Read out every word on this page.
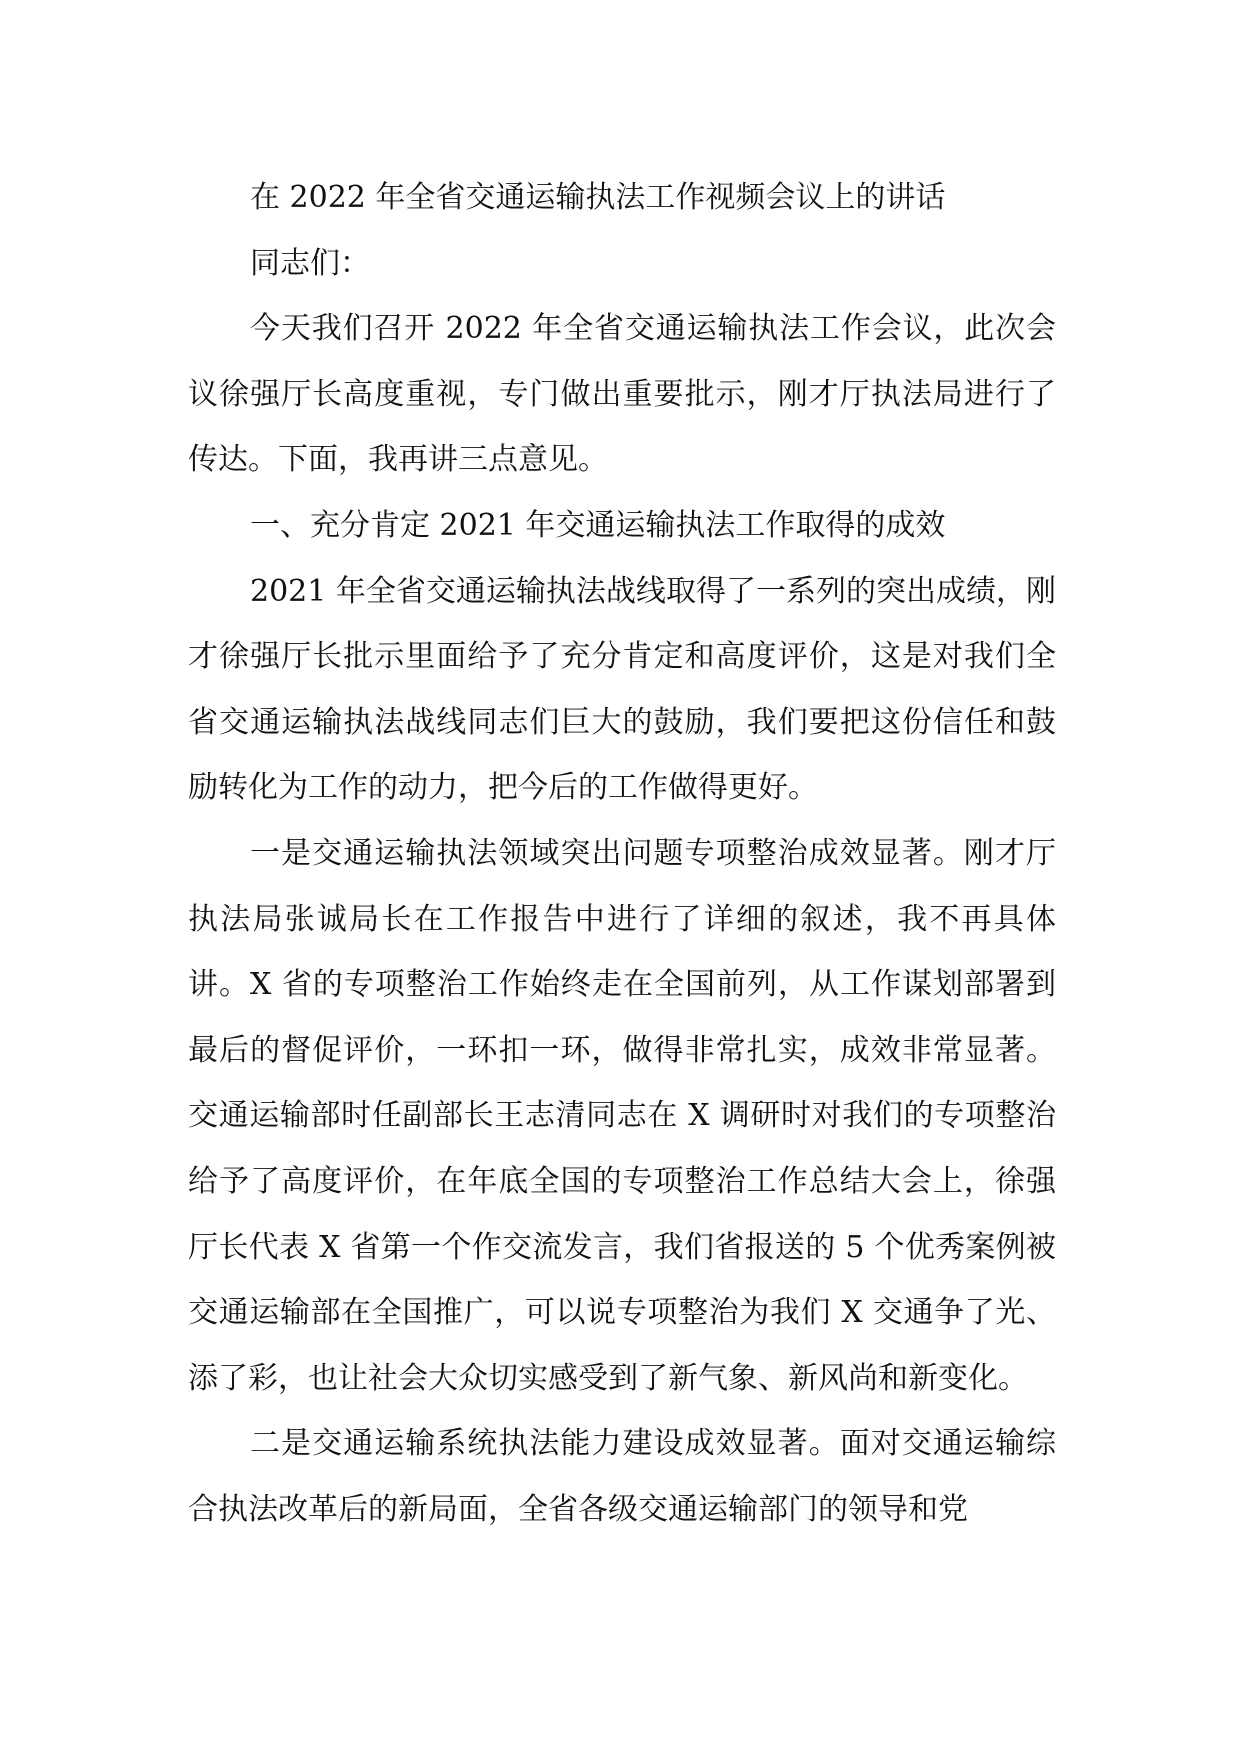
在 2022 年全省交通运输执法工作视频会议上的讲话

同志们：

今天我们召开 2022 年全省交通运输执法工作会议，此次会议徐强厅长高度重视，专门做出重要批示，刚才厅执法局进行了传达。下面，我再讲三点意见。

一、充分肯定 2021 年交通运输执法工作取得的成效

2021 年全省交通运输执法战线取得了一系列的突出成绩，刚才徐强厅长批示里面给予了充分肯定和高度评价，这是对我们全省交通运输执法战线同志们巨大的鼓励，我们要把这份信任和鼓励转化为工作的动力，把今后的工作做得更好。

一是交通运输执法领域突出问题专项整治成效显著。刚才厅执法局张诚局长在工作报告中进行了详细的叙述，我不再具体讲。X 省的专项整治工作始终走在全国前列，从工作谋划部署到最后的督促评价，一环扣一环，做得非常扎实，成效非常显著。交通运输部时任副部长王志清同志在 X 调研时对我们的专项整治给予了高度评价，在年底全国的专项整治工作总结大会上，徐强厅长代表 X 省第一个作交流发言，我们省报送的 5 个优秀案例被交通运输部在全国推广，可以说专项整治为我们 X 交通争了光、添了彩，也让社会大众切实感受到了新气象、新风尚和新变化。

二是交通运输系统执法能力建设成效显著。面对交通运输综合执法改革后的新局面，全省各级交通运输部门的领导和党
